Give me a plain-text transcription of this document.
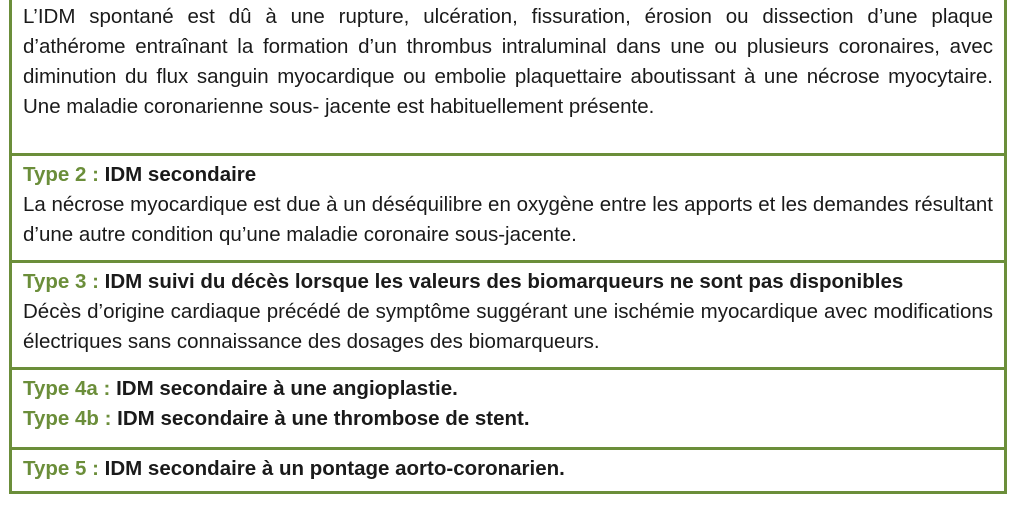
L’IDM spontané est dû à une rupture, ulcération, fissuration, érosion ou dissection d’une plaque d’athérome entraînant la formation d’un thrombus intraluminal dans une ou plusieurs coronaires, avec diminution du flux sanguin myocardique ou embolie plaquettaire aboutissant à une nécrose myocytaire. Une maladie coronarienne sous- jacente est habituellement présente.
Type 2 : IDM secondaire
La nécrose myocardique est due à un déséquilibre en oxygène entre les apports et les demandes résultant d’une autre condition qu’une maladie coronaire sous-jacente.
Type 3 : IDM suivi du décès lorsque les valeurs des biomarqueurs ne sont pas disponibles
Décès d’origine cardiaque précédé de symptôme suggérant une ischémie myocardique avec modifications électriques sans connaissance des dosages des biomarqueurs.
Type 4a : IDM secondaire à une angioplastie.
Type 4b : IDM secondaire à une thrombose de stent.
Type 5 : IDM secondaire à un pontage aorto-coronarien.
